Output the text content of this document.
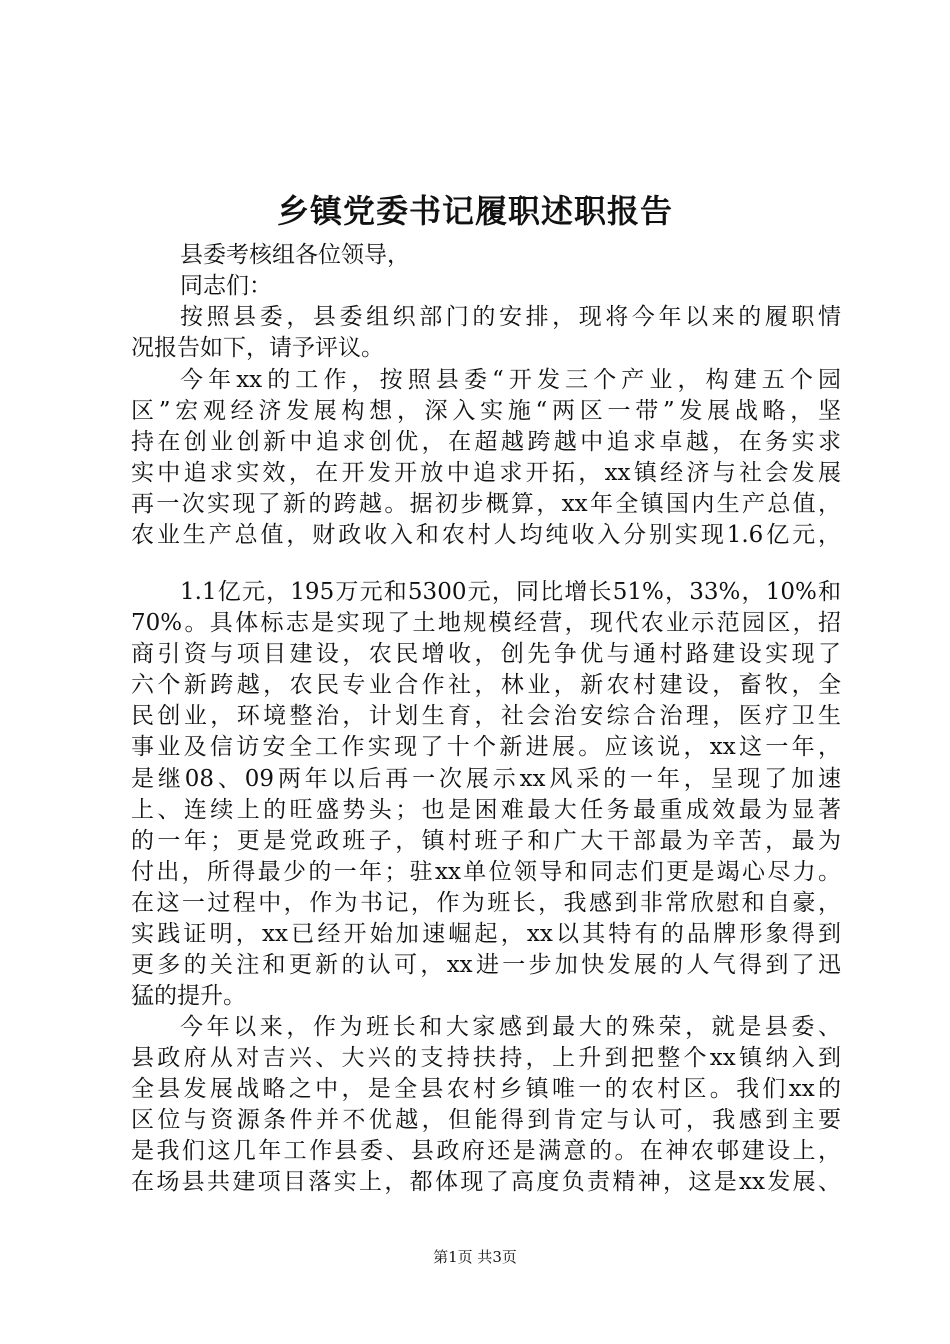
乡镇党委书记履职述职报告
县委考核组各位领导，
同志们：
按照县委，县委组织部门的安排，现将今年以来的履职情
况报告如下，请予评议。
今年xx的工作，按照县委“开发三个产业，构建五个园
区”宏观经济发展构想，深入实施“两区一带”发展战略，坚
持在创业创新中追求创优，在超越跨越中追求卓越，在务实求
实中追求实效，在开发开放中追求开拓，xx镇经济与社会发展
再一次实现了新的跨越。据初步概算，xx年全镇国内生产总值，
农业生产总值，财政收入和农村人均纯收入分别实现1.6亿元，
1.1亿元，195万元和5300元，同比增长51%，33%，10%和
70%。具体标志是实现了土地规模经营，现代农业示范园区，招
商引资与项目建设，农民增收，创先争优与通村路建设实现了
六个新跨越，农民专业合作社，林业，新农村建设，畜牧，全
民创业，环境整治，计划生育，社会治安综合治理，医疗卫生
事业及信访安全工作实现了十个新进展。应该说，xx这一年，
是继08、09两年以后再一次展示xx风采的一年，呈现了加速
上、连续上的旺盛势头；也是困难最大任务最重成效最为显著
的一年；更是党政班子，镇村班子和广大干部最为辛苦，最为
付出，所得最少的一年；驻xx单位领导和同志们更是竭心尽力。
在这一过程中，作为书记，作为班长，我感到非常欣慰和自豪，
实践证明，xx已经开始加速崛起，xx以其特有的品牌形象得到
更多的关注和更新的认可，xx进一步加快发展的人气得到了迅
猛的提升。
今年以来，作为班长和大家感到最大的殊荣，就是县委、
县政府从对吉兴、大兴的支持扶持，上升到把整个xx镇纳入到
全县发展战略之中，是全县农村乡镇唯一的农村区。我们xx的
区位与资源条件并不优越，但能得到肯定与认可，我感到主要
是我们这几年工作县委、县政府还是满意的。在神农邨建设上，
在场县共建项目落实上，都体现了高度负责精神，这是xx发展、
第1页 共3页
